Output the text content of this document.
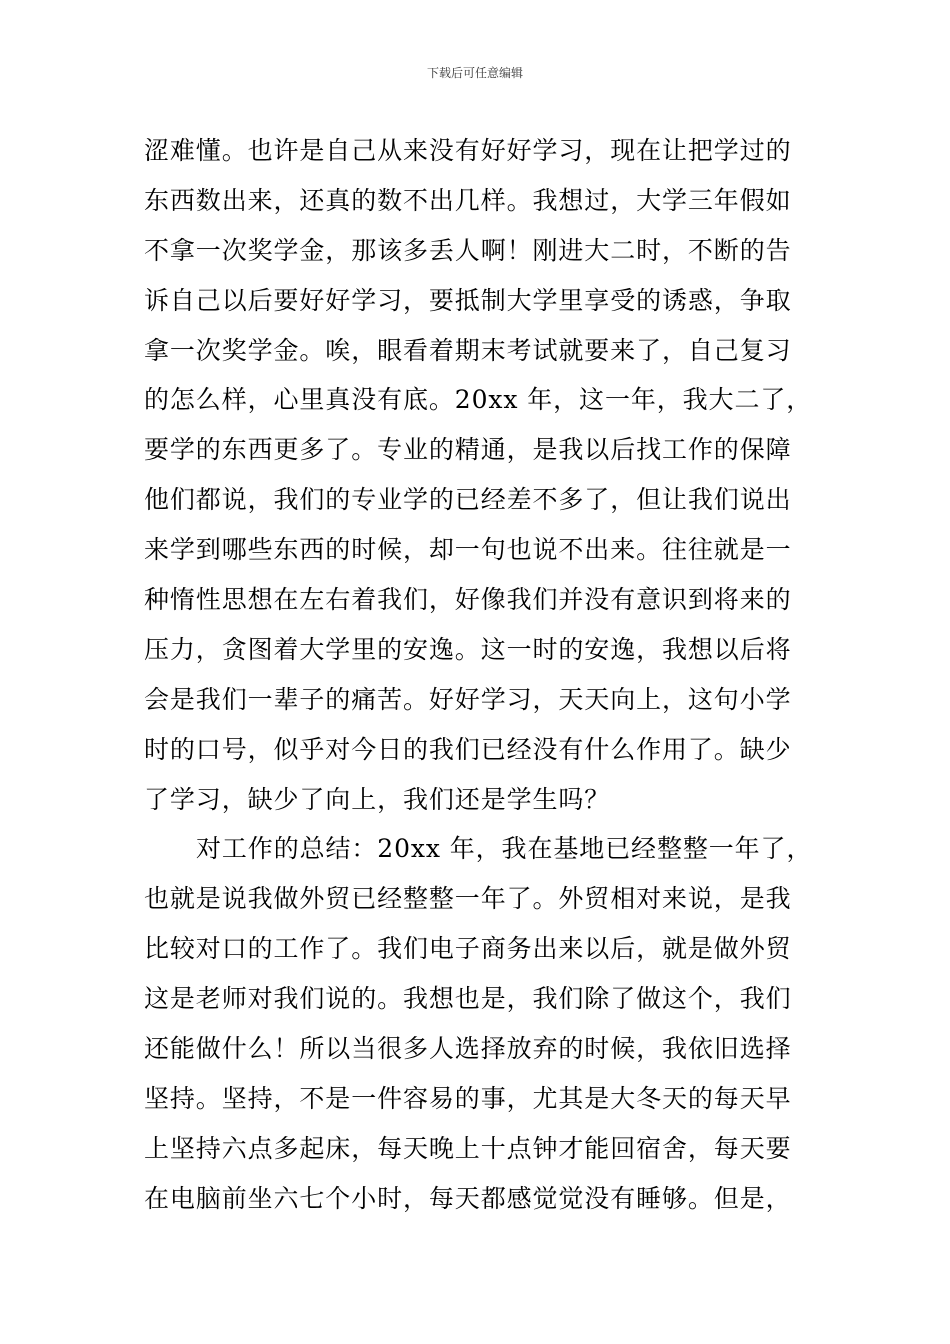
下载后可任意编辑
涩难懂。也许是自己从来没有好好学习，现在让把学过的
东西数出来，还真的数不出几样。我想过，大学三年假如
不拿一次奖学金，那该多丢人啊！刚进大二时，不断的告
诉自己以后要好好学习，要抵制大学里享受的诱惑，争取
拿一次奖学金。唉，眼看着期末考试就要来了，自己复习
的怎么样，心里真没有底。20xx 年，这一年，我大二了，
要学的东西更多了。专业的精通，是我以后找工作的保障
他们都说，我们的专业学的已经差不多了，但让我们说出
来学到哪些东西的时候，却一句也说不出来。往往就是一
种惰性思想在左右着我们，好像我们并没有意识到将来的
压力，贪图着大学里的安逸。这一时的安逸，我想以后将
会是我们一辈子的痛苦。好好学习，天天向上，这句小学
时的口号，似乎对今日的我们已经没有什么作用了。缺少
了学习，缺少了向上，我们还是学生吗？
对工作的总结：20xx 年，我在基地已经整整一年了，
也就是说我做外贸已经整整一年了。外贸相对来说，是我
比较对口的工作了。我们电子商务出来以后，就是做外贸
这是老师对我们说的。我想也是，我们除了做这个，我们
还能做什么！所以当很多人选择放弃的时候，我依旧选择
坚持。坚持，不是一件容易的事，尤其是大冬天的每天早
上坚持六点多起床，每天晚上十点钟才能回宿舍，每天要
在电脑前坐六七个小时，每天都感觉觉没有睡够。但是，
